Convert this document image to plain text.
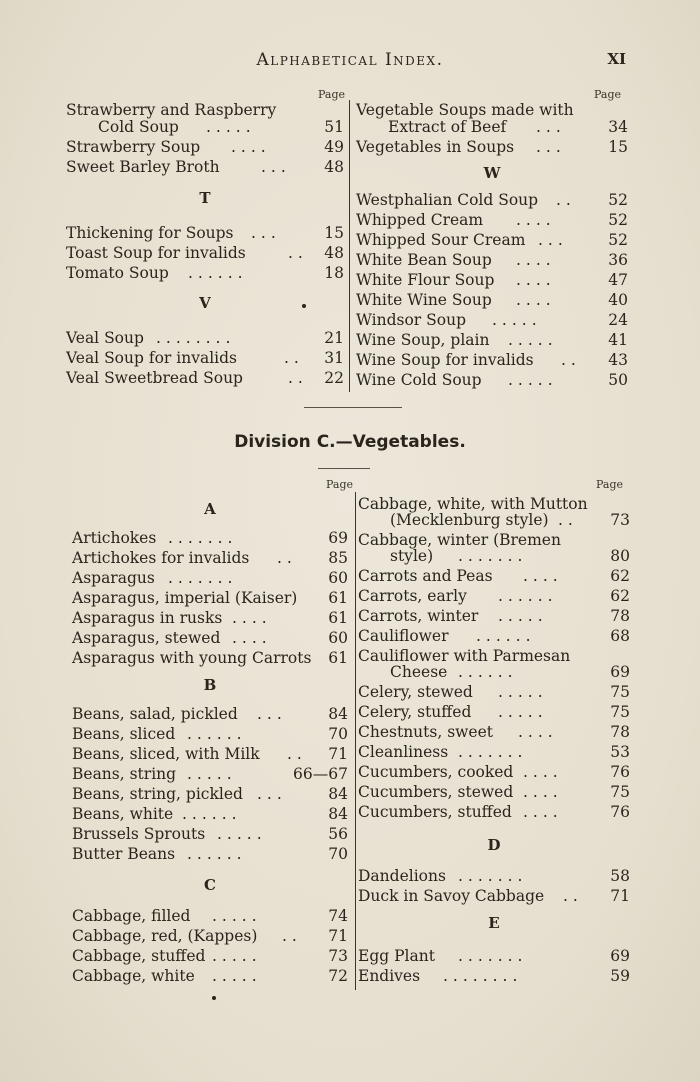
Alphabetical Index.	XI
Page	Page
Strawberry and Raspberry
Cold Soup .....	51
Strawberry Soup ....	49
Sweet Barley Broth	... 48
T
Thickening for Soups ...	15
Toast Soup for invalids	.. 48
Tomato Soup ......	18
V
Veal Soup ........	21
Veal Soup for invalids	.. 31
Veal Sweetbread Soup	.. 22
Vegetable Soups made with
Extract of Beef ...	34
Vegetables in Soups ...	15
W
Westphalian Cold Soup .. 52
Whipped Cream ....	52
Whipped Sour Cream ...	52
White Bean Soup ....	36
White Flour Soup ....	47
White Wine Soup ....	40
Windsor Soup .....	24
Wine Soup, plain .....	41
Wine Soup for invalids .. 43
Wine Cold Soup .....	50
Division C.—Vegetables.
Page	Page
A
Artichokes .......	69
Artichokes for invalids .. 85
Asparagus .......	60
Asparagus, imperial (Kaiser) 61
Asparagus in rusks ....	61
Asparagus, stewed ....	60
Asparagus with young Carrots 61
B
Beans, salad, pickled ...	84
Beans, sliced ......	70
Beans, sliced, with Milk .. 71
Beans, string .....	66—67
Beans, string, pickled ...	84
Beans, white ......	84
Brussels Sprouts .....	56
Butter Beans ......	70
C
Cabbage, filled .....	74
Cabbage, red, (Kappes) .. 71
Cabbage, stuffed .....	73
Cabbage, white .....	72
Cabbage, white, with Mutton
(Mecklenburg style) .. 73
Cabbage, winter (Bremen
style) .......	80
Carrots and Peas ....	62
Carrots, early ......	62
Carrots, winter .....	78
Cauliflower ......	68
Cauliflower with Parmesan
Cheese ......	69
Celery, stewed .....	75
Celery, stuffed .....	75
Chestnuts, sweet ....	78
Cleanliness .......	53
Cucumbers, cooked ....	76
Cucumbers, stewed ....	75
Cucumbers, stuffed ....	76
D
Dandelions .......	58
Duck in Savoy Cabbage .. 71
E
Egg Plant .......	69
Endives ........	59
